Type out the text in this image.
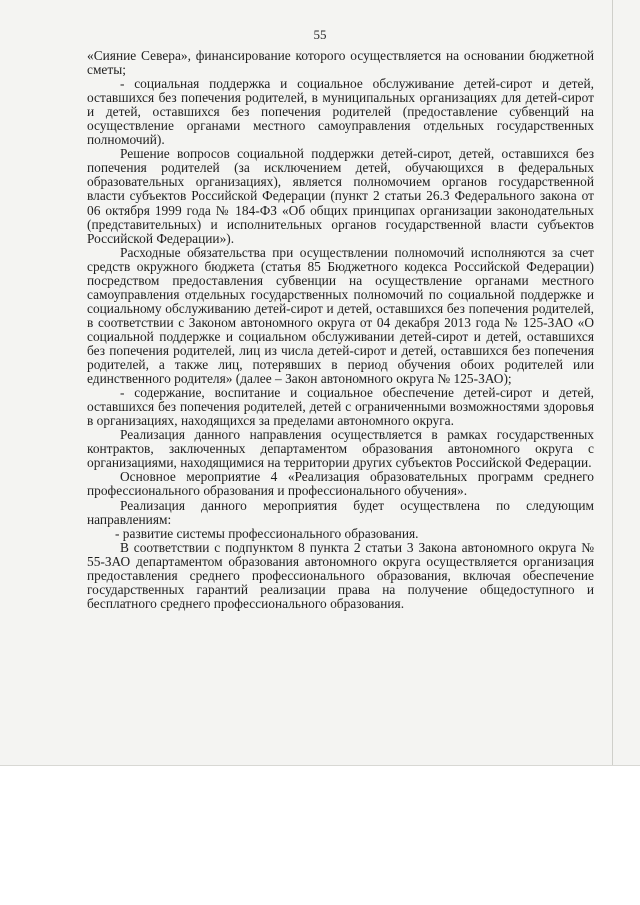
55

«Сияние Севера», финансирование которого осуществляется на основании бюджетной сметы;

- социальная поддержка и социальное обслуживание детей-сирот и детей, оставшихся без попечения родителей, в муниципальных организациях для детей-сирот и детей, оставшихся без попечения родителей (предоставление субвенций на осуществление органами местного самоуправления отдельных государственных полномочий).

Решение вопросов социальной поддержки детей-сирот, детей, оставшихся без попечения родителей (за исключением детей, обучающихся в федеральных образовательных организациях), является полномочием органов государственной власти субъектов Российской Федерации (пункт 2 статьи 26.3 Федерального закона от 06 октября 1999 года № 184-ФЗ «Об общих принципах организации законодательных (представительных) и исполнительных органов государственной власти субъектов Российской Федерации»).

Расходные обязательства при осуществлении полномочий исполняются за счет средств окружного бюджета (статья 85 Бюджетного кодекса Российской Федерации) посредством предоставления субвенции на осуществление органами местного самоуправления отдельных государственных полномочий по социальной поддержке и социальному обслуживанию детей-сирот и детей, оставшихся без попечения родителей, в соответствии с Законом автономного округа от 04 декабря 2013 года № 125-ЗАО «О социальной поддержке и социальном обслуживании детей-сирот и детей, оставшихся без попечения родителей, лиц из числа детей-сирот и детей, оставшихся без попечения родителей, а также лиц, потерявших в период обучения обоих родителей или единственного родителя» (далее – Закон автономного округа № 125-ЗАО);

- содержание, воспитание и социальное обеспечение детей-сирот и детей, оставшихся без попечения родителей, детей с ограниченными возможностями здоровья в организациях, находящихся за пределами автономного округа.

Реализация данного направления осуществляется в рамках государственных контрактов, заключенных департаментом образования автономного округа с организациями, находящимися на территории других субъектов Российской Федерации.

Основное мероприятие 4 «Реализация образовательных программ среднего профессионального образования и профессионального обучения».

Реализация данного мероприятия будет осуществлена по следующим направлениям:

- развитие системы профессионального образования.

В соответствии с подпунктом 8 пункта 2 статьи 3 Закона автономного округа № 55-ЗАО департаментом образования автономного округа осуществляется организация предоставления среднего профессионального образования, включая обеспечение государственных гарантий реализации права на получение общедоступного и бесплатного среднего профессионального образования.
